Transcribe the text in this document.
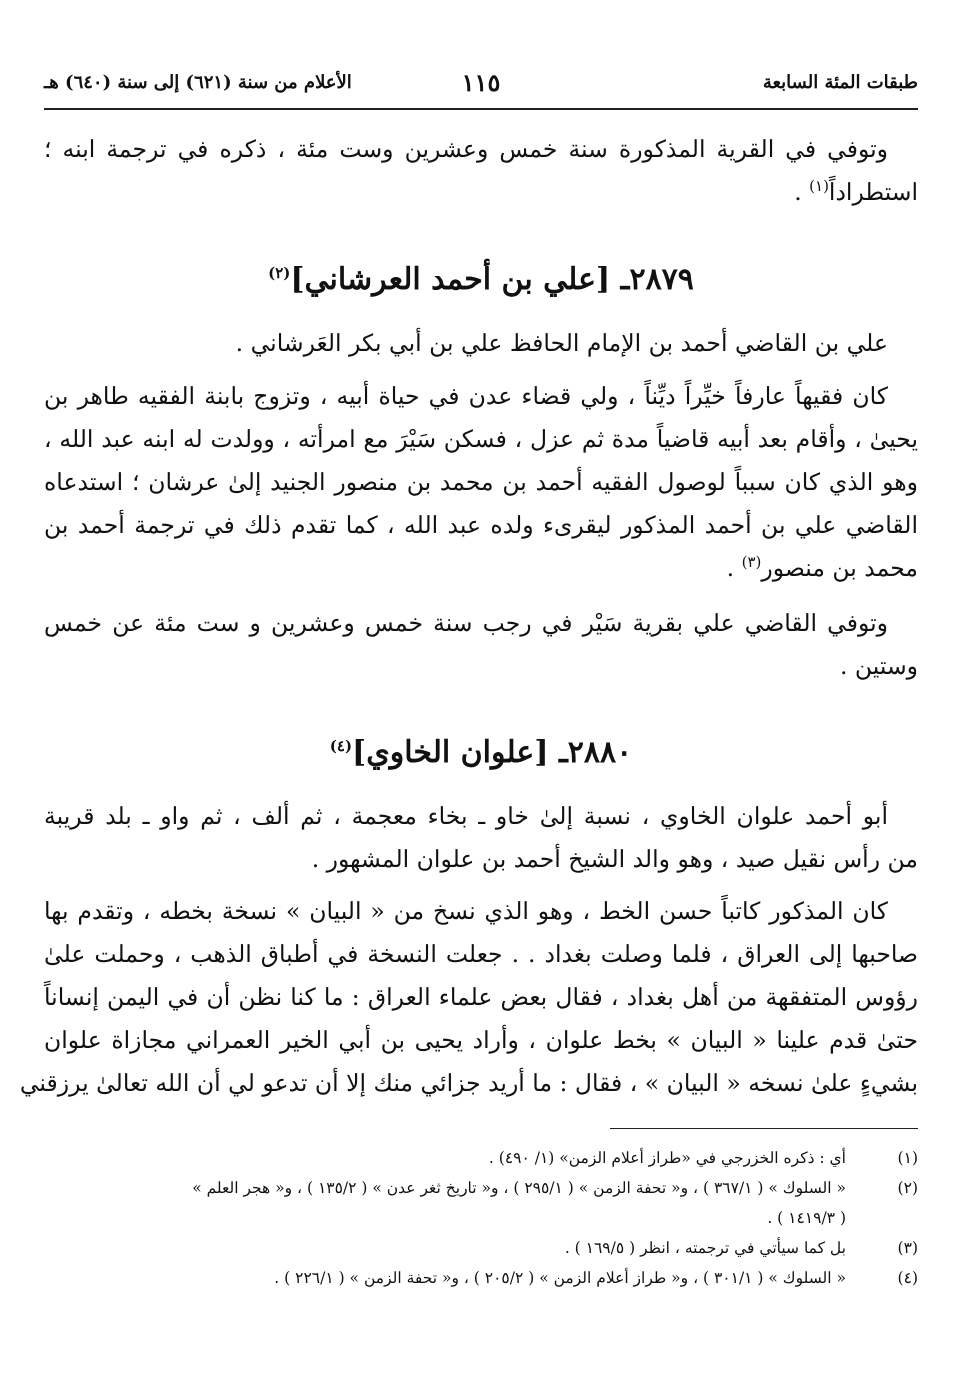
طبقات المئة السابعة
١١٥
الأعلام من سنة (٦٢١) إلى سنة (٦٤٠) هـ
وتوفي في القرية المذكورة سنة خمس وعشرين وست مئة ، ذكره في ترجمة ابنه ؛
استطراداً$^{(١)}$ .
٢٨٧٩ـ [علي بن أحمد العرشاني]$^{(٢)}$
علي بن القاضي أحمد بن الإمام الحافظ علي بن أبي بكر العَرشاني .
كان فقيهاً عارفاً خيِّراً ديِّناً ، ولي قضاء عدن في حياة أبيه ، وتزوج بابنة الفقيه طاهر بن
يحيىٰ ، وأقام بعد أبيه قاضياً مدة ثم عزل ، فسكن سَيْرَ مع امرأته ، وولدت له ابنه عبد الله ،
وهو الذي كان سبباً لوصول الفقيه أحمد بن محمد بن منصور الجنيد إلىٰ عرشان ؛ استدعاه
القاضي علي بن أحمد المذكور ليقرىء ولده عبد الله ، كما تقدم ذلك في ترجمة أحمد بن
محمد بن منصور$^{(٣)}$ .
وتوفي القاضي علي بقرية سَيْر في رجب سنة خمس وعشرين و ست مئة عن خمس
وستين .
٢٨٨٠ـ [علوان الخاوي]$^{(٤)}$
أبو أحمد علوان الخاوي ، نسبة إلىٰ خاو ـ بخاء معجمة ، ثم ألف ، ثم واو ـ بلد قريبة
من رأس نقيل صيد ، وهو والد الشيخ أحمد بن علوان المشهور .
كان المذكور كاتباً حسن الخط ، وهو الذي نسخ من « البيان » نسخة بخطه ، وتقدم بها
صاحبها إلى العراق ، فلما وصلت بغداد . . جعلت النسخة في أطباق الذهب ، وحملت علىٰ
رؤوس المتفقهة من أهل بغداد ، فقال بعض علماء العراق : ما كنا نظن أن في اليمن إنساناً
حتىٰ قدم علينا « البيان » بخط علوان ، وأراد يحيى بن أبي الخير العمراني مجازاة علوان
بشيءٍ علىٰ نسخه « البيان » ، فقال : ما أريد جزائي منك إلا أن تدعو لي أن الله تعالىٰ يرزقني
(١)
أي : ذكره الخزرجي في «طراز أعلام الزمن» (١/ ٤٩٠) .
(٢)
« السلوك » ( ٣٦٧/١ ) ، و« تحفة الزمن » ( ٢٩٥/١ ) ، و« تاريخ ثغر عدن » ( ١٣٥/٢ ) ، و« هجر العلم »
( ١٤١٩/٣ ) .
(٣)
بل كما سيأتي في ترجمته ، انظر ( ١٦٩/٥ ) .
(٤)
« السلوك » ( ٣٠١/١ ) ، و« طراز أعلام الزمن » ( ٢٠٥/٢ ) ، و« تحفة الزمن » ( ٢٢٦/١ ) .
